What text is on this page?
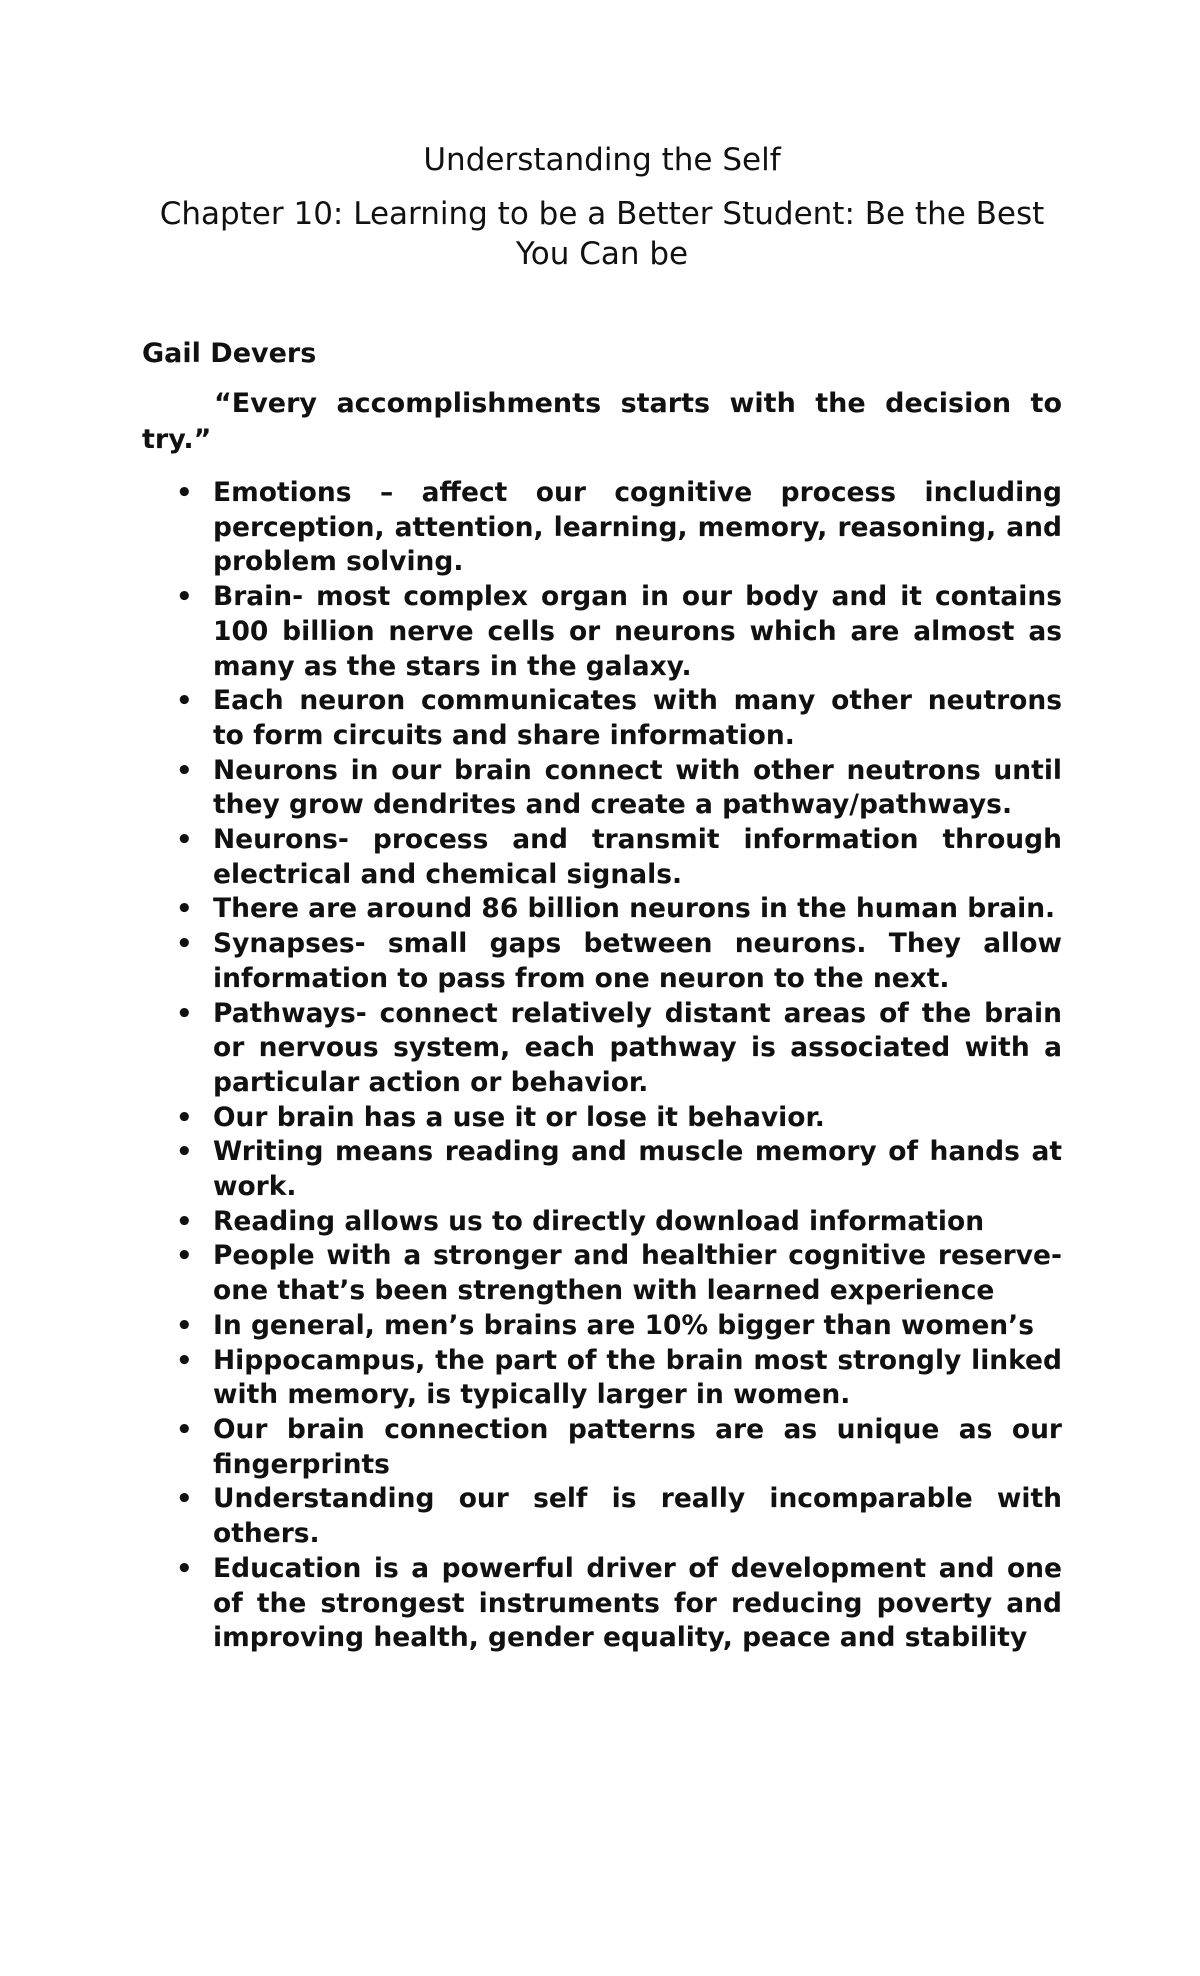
Understanding the Self
Chapter 10: Learning to be a Better Student: Be the Best You Can be

Gail Devers

“Every accomplishments starts with the decision to try.”

• Emotions – affect our cognitive process including perception, attention, learning, memory, reasoning, and problem solving.
• Brain- most complex organ in our body and it contains 100 billion nerve cells or neurons which are almost as many as the stars in the galaxy.
• Each neuron communicates with many other neutrons to form circuits and share information.
• Neurons in our brain connect with other neutrons until they grow dendrites and create a pathway/pathways.
• Neurons- process and transmit information through electrical and chemical signals.
• There are around 86 billion neurons in the human brain.
• Synapses- small gaps between neurons. They allow information to pass from one neuron to the next.
• Pathways- connect relatively distant areas of the brain or nervous system, each pathway is associated with a particular action or behavior.
• Our brain has a use it or lose it behavior.
• Writing means reading and muscle memory of hands at work.
• Reading allows us to directly download information
• People with a stronger and healthier cognitive reserve- one that’s been strengthen with learned experience
• In general, men’s brains are 10% bigger than women’s
• Hippocampus, the part of the brain most strongly linked with memory, is typically larger in women.
• Our brain connection patterns are as unique as our fingerprints
• Understanding our self is really incomparable with others.
• Education is a powerful driver of development and one of the strongest instruments for reducing poverty and improving health, gender equality, peace and stability
